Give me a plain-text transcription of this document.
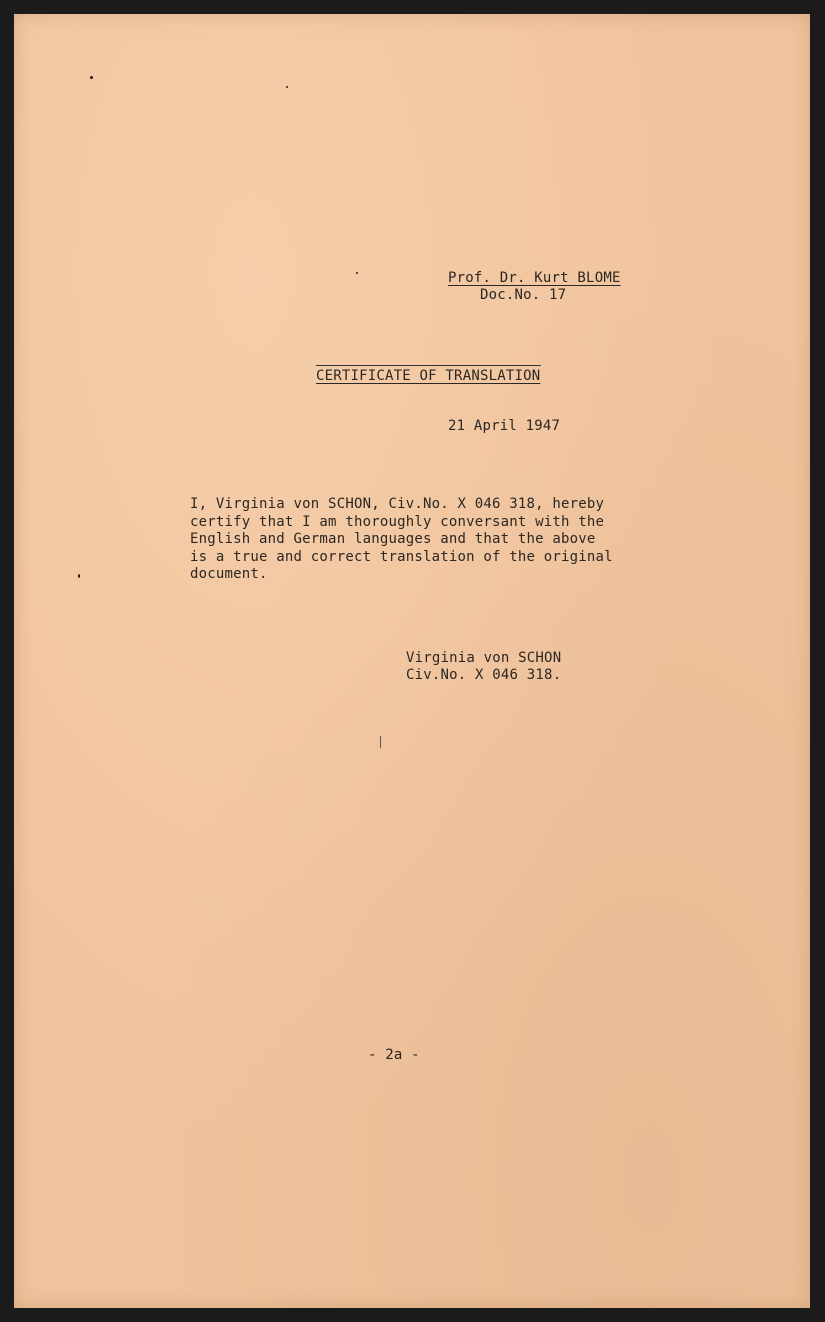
Prof. Dr. Kurt BLOME
Doc.No. 17
CERTIFICATE OF TRANSLATION
21 April 1947
I, Virginia von SCHON, Civ.No. X 046 318, hereby
certify that I am thoroughly conversant with the
English and German languages and that the above
is a true and correct translation of the original
document.
Virginia von SCHON
Civ.No. X 046 318.
- 2a -
